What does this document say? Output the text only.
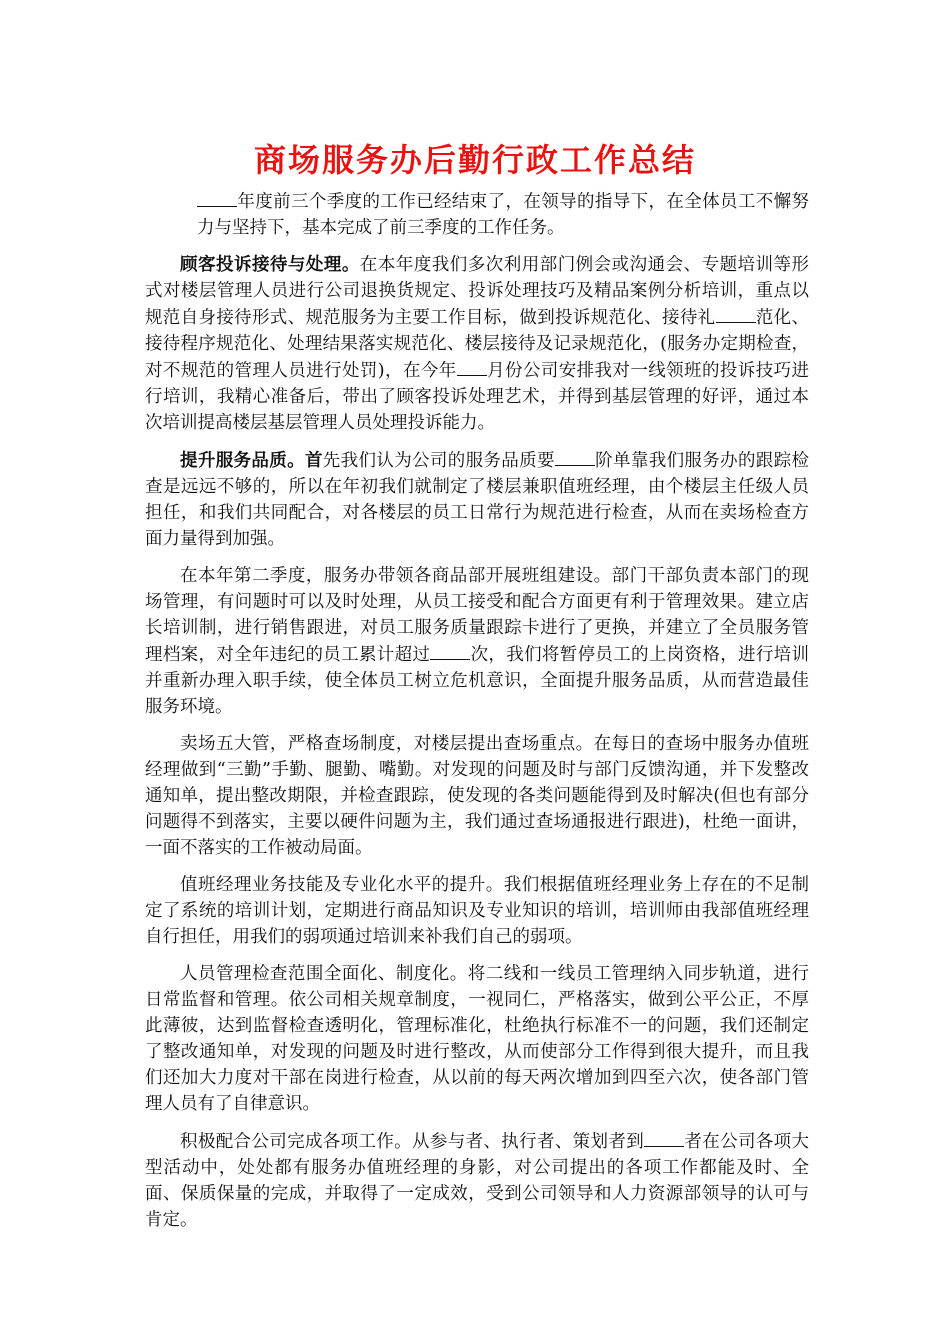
商场服务办后勤行政工作总结

年度前三个季度的工作已经结束了，在领导的指导下，在全体员工不懈努力与坚持下，基本完成了前三季度的工作任务。

顾客投诉接待与处理。在本年度我们多次利用部门例会或沟通会、专题培训等形式对楼层管理人员进行公司退换货规定、投诉处理技巧及精品案例分析培训，重点以规范自身接待形式、规范服务为主要工作目标，做到投诉规范化、接待礼 范化、接待程序规范化、处理结果落实规范化、楼层接待及记录规范化，(服务办定期检查，对不规范的管理人员进行处罚)，在今年 月份公司安排我对一线领班的投诉技巧进行培训，我精心准备后，带出了顾客投诉处理艺术，并得到基层管理的好评，通过本次培训提高楼层基层管理人员处理投诉能力。

提升服务品质。首先我们认为公司的服务品质要 阶单靠我们服务办的跟踪检查是远远不够的，所以在年初我们就制定了楼层兼职值班经理，由个楼层主任级人员担任，和我们共同配合，对各楼层的员工日常行为规范进行检查，从而在卖场检查方面力量得到加强。

在本年第二季度，服务办带领各商品部开展班组建设。部门干部负责本部门的现场管理，有问题时可以及时处理，从员工接受和配合方面更有利于管理效果。建立店长培训制，进行销售跟进，对员工服务质量跟踪卡进行了更换，并建立了全员服务管理档案，对全年违纪的员工累计超过 次，我们将暂停员工的上岗资格，进行培训并重新办理入职手续，使全体员工树立危机意识，全面提升服务品质，从而营造最佳服务环境。

卖场五大管，严格查场制度，对楼层提出查场重点。在每日的查场中服务办值班经理做到“三勤”手勤、腿勤、嘴勤。对发现的问题及时与部门反馈沟通，并下发整改通知单，提出整改期限，并检查跟踪，使发现的各类问题能得到及时解决(但也有部分问题得不到落实，主要以硬件问题为主，我们通过查场通报进行跟进)，杜绝一面讲，一面不落实的工作被动局面。

值班经理业务技能及专业化水平的提升。我们根据值班经理业务上存在的不足制定了系统的培训计划，定期进行商品知识及专业知识的培训，培训师由我部值班经理自行担任，用我们的弱项通过培训来补我们自己的弱项。

人员管理检查范围全面化、制度化。将二线和一线员工管理纳入同步轨道，进行日常监督和管理。依公司相关规章制度，一视同仁，严格落实，做到公平公正，不厚此薄彼，达到监督检查透明化，管理标准化，杜绝执行标准不一的问题，我们还制定了整改通知单，对发现的问题及时进行整改，从而使部分工作得到很大提升，而且我们还加大力度对干部在岗进行检查，从以前的每天两次增加到四至六次，使各部门管理人员有了自律意识。

积极配合公司完成各项工作。从参与者、执行者、策划者到 者在公司各项大型活动中，处处都有服务办值班经理的身影，对公司提出的各项工作都能及时、全面、保质保量的完成，并取得了一定成效，受到公司领导和人力资源部领导的认可与肯定。
